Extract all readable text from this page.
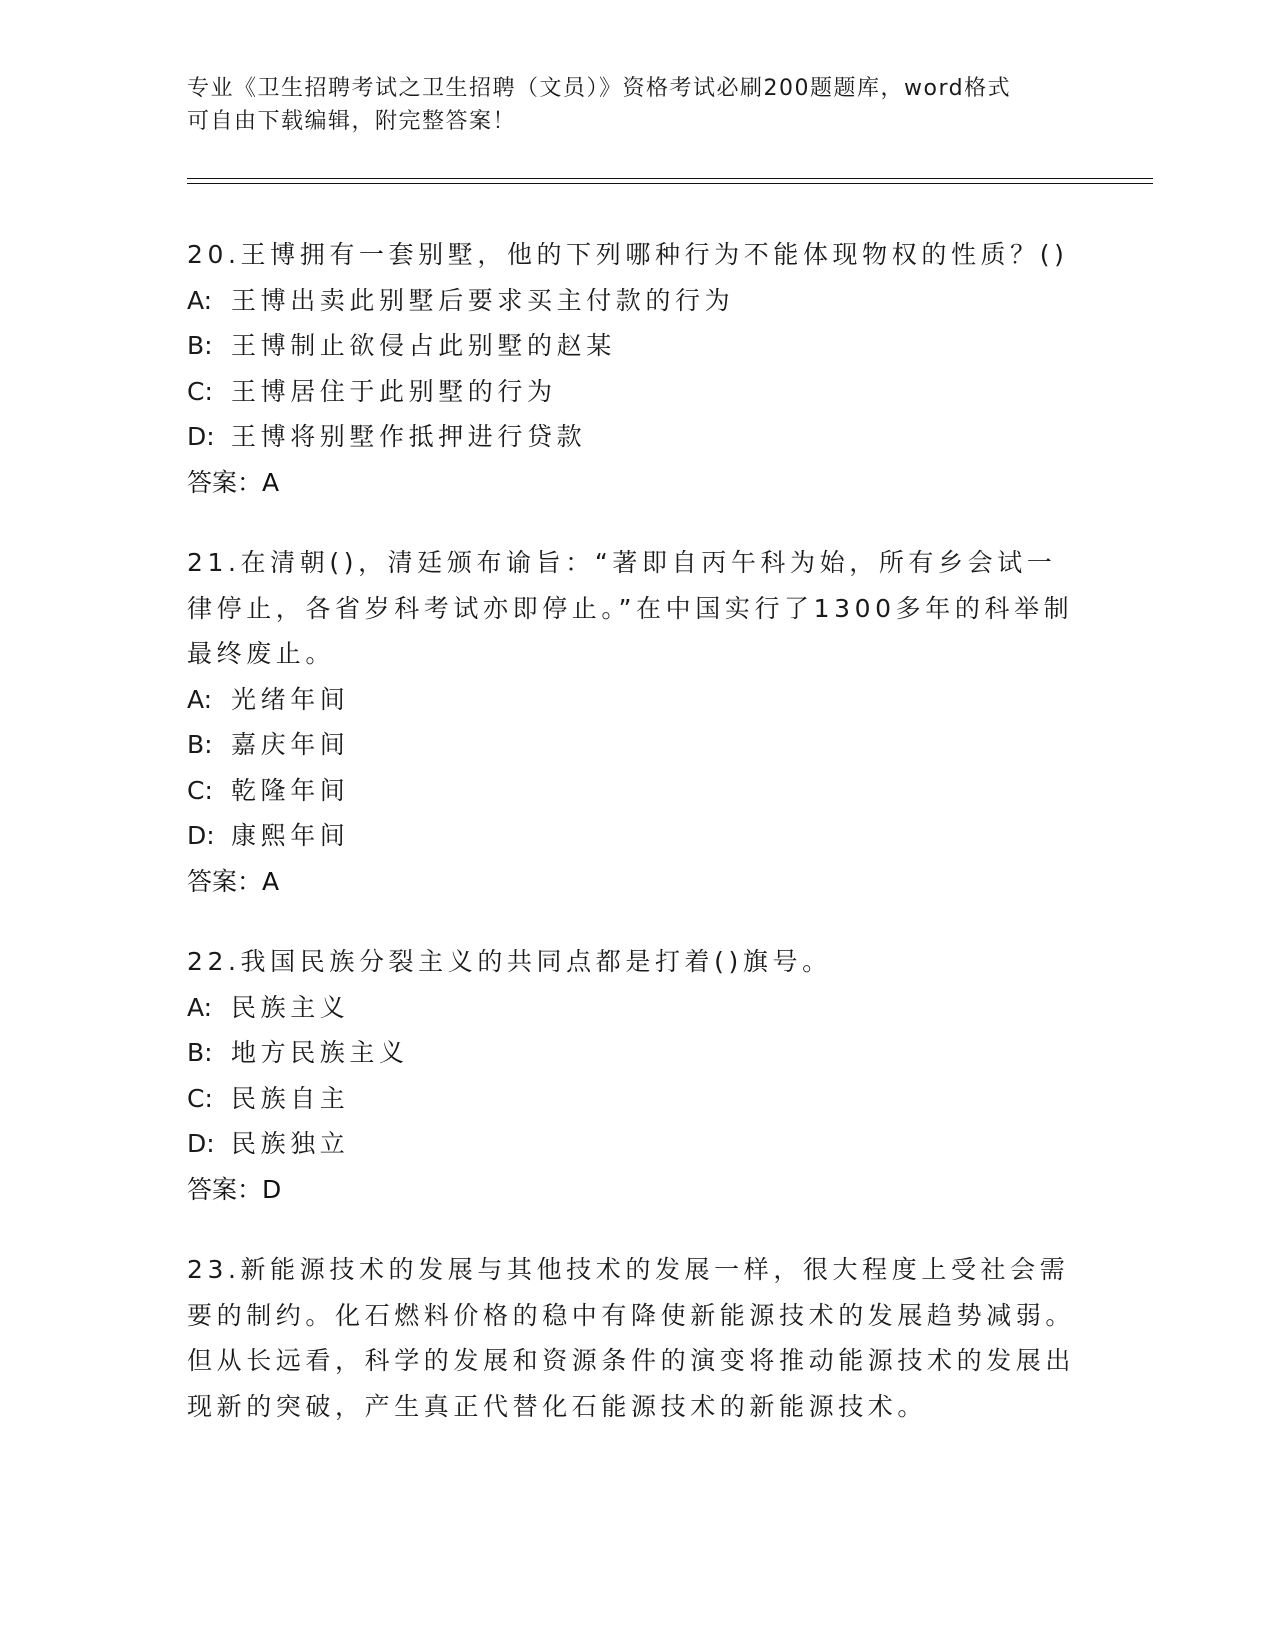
专业《卫生招聘考试之卫生招聘（文员）》资格考试必刷200题题库，word格式
可自由下载编辑，附完整答案！
20.王博拥有一套别墅，他的下列哪种行为不能体现物权的性质？()
A: 王博出卖此别墅后要求买主付款的行为
B: 王博制止欲侵占此别墅的赵某
C: 王博居住于此别墅的行为
D: 王博将别墅作抵押进行贷款
答案：A
21.在清朝()，清廷颁布谕旨：“著即自丙午科为始，所有乡会试一律停止，各省岁科考试亦即停止。”在中国实行了1300多年的科举制最终废止。
A: 光绪年间
B: 嘉庆年间
C: 乾隆年间
D: 康熙年间
答案：A
22.我国民族分裂主义的共同点都是打着()旗号。
A: 民族主义
B: 地方民族主义
C: 民族自主
D: 民族独立
答案：D
23.新能源技术的发展与其他技术的发展一样，很大程度上受社会需要的制约。化石燃料价格的稳中有降使新能源技术的发展趋势减弱。但从长远看，科学的发展和资源条件的演变将推动能源技术的发展出现新的突破，产生真正代替化石能源技术的新能源技术。
